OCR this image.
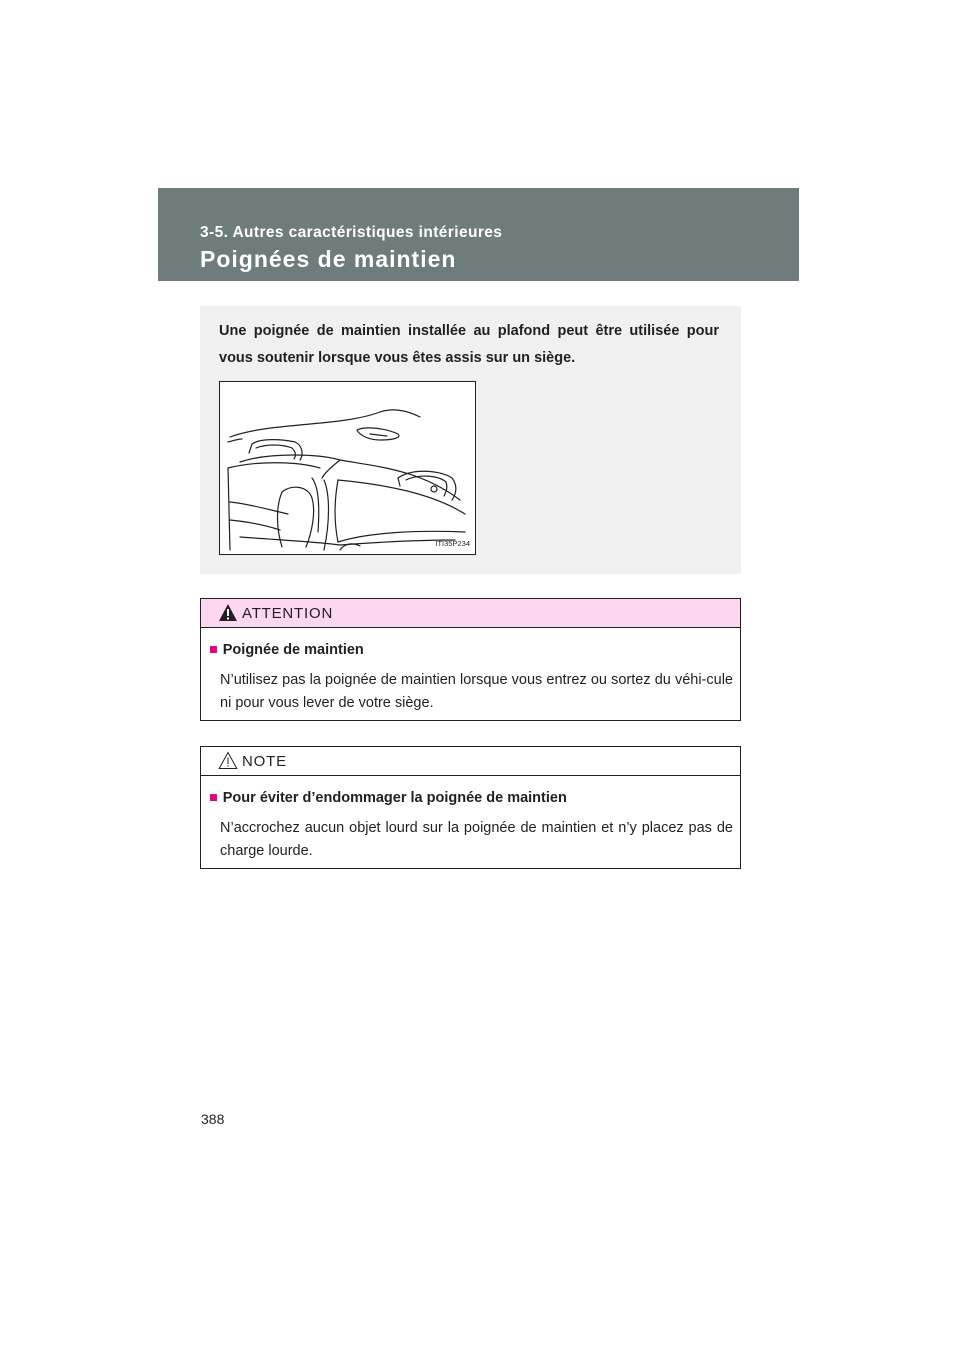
3-5. Autres caractéristiques intérieures
Poignées de maintien
Une poignée de maintien installée au plafond peut être utilisée pour vous soutenir lorsque vous êtes assis sur un siège.
ITI35P234
ATTENTION
■ Poignée de maintien
N’utilisez pas la poignée de maintien lorsque vous entrez ou sortez du véhi-cule ni pour vous lever de votre siège.
NOTE
■ Pour éviter d’endommager la poignée de maintien
N’accrochez aucun objet lourd sur la poignée de maintien et n’y placez pas de charge lourde.
388
